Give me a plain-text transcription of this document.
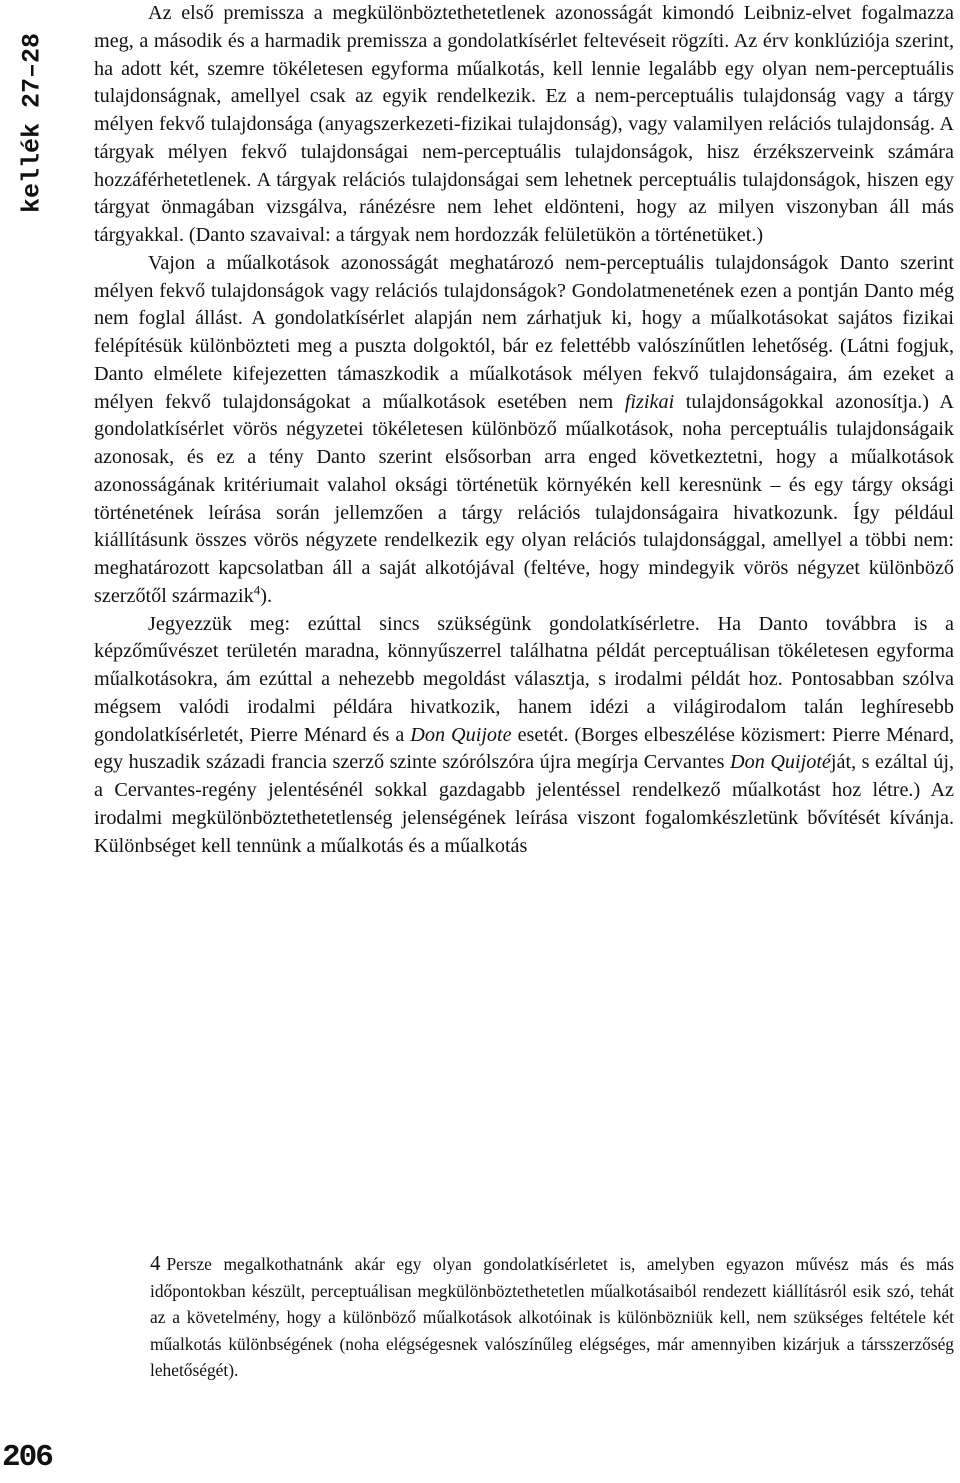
kellék 27–28

Az első premissza a megkülönböztethetetlenek azonosságát kimondó Leibniz-elvet fogalmazza meg, a második és a harmadik premissza a gondolatkísérlet feltevéseit rögzíti. Az érv konklúziója szerint, ha adott két, szemre tökéletesen egyforma műalkotás, kell lennie legalább egy olyan nem-perceptuális tulajdonságnak, amellyel csak az egyik rendelkezik. Ez a nem-perceptuális tulajdonság vagy a tárgy mélyen fekvő tulajdonsága (anyagszerkezeti-fizikai tulajdonság), vagy valamilyen relációs tulajdonság. A tárgyak mélyen fekvő tulajdonságai nem-perceptuális tulajdonságok, hisz érzékszerveink számára hozzáférhetetlenek. A tárgyak relációs tulajdonságai sem lehetnek perceptuális tulajdonságok, hiszen egy tárgyat önmagában vizsgálva, ránézésre nem lehet eldönteni, hogy az milyen viszonyban áll más tárgyakkal. (Danto szavaival: a tárgyak nem hordozzák felületükön a történetüket.)

Vajon a műalkotások azonosságát meghatározó nem-perceptuális tulajdonságok Danto szerint mélyen fekvő tulajdonságok vagy relációs tulajdonságok? Gondolatmenetének ezen a pontján Danto még nem foglal állást. A gondolatkísérlet alapján nem zárhatjuk ki, hogy a műalkotásokat sajátos fizikai felépítésük különbözteti meg a puszta dolgoktól, bár ez felettébb valószínűtlen lehetőség. (Látni fogjuk, Danto elmélete kifejezetten támaszkodik a műalkotások mélyen fekvő tulajdonságaira, ám ezeket a mélyen fekvő tulajdonságokat a műalkotások esetében nem fizikai tulajdonságokkal azonosítja.) A gondolatkísérlet vörös négyzetei tökéletesen különböző műalkotások, noha perceptuális tulajdonságaik azonosak, és ez a tény Danto szerint elsősorban arra enged következtetni, hogy a műalkotások azonosságának kritériumait valahol oksági történetük környékén kell keresnünk – és egy tárgy oksági történetének leírása során jellemzően a tárgy relációs tulajdonságaira hivatkozunk. Így például kiállításunk összes vörös négyzete rendelkezik egy olyan relációs tulajdonsággal, amellyel a többi nem: meghatározott kapcsolatban áll a saját alkotójával (feltéve, hogy mindegyik vörös négyzet különböző szerzőtől származik$^4$).

Jegyezzük meg: ezúttal sincs szükségünk gondolatkísérletre. Ha Danto továbbra is a képzőművészet területén maradna, könnyűszerrel találhatna példát perceptuálisan tökéletesen egyforma műalkotásokra, ám ezúttal a nehezebb megoldást választja, s irodalmi példát hoz. Pontosabban szólva mégsem valódi irodalmi példára hivatkozik, hanem idézi a világirodalom talán leghíresebb gondolatkísérletét, Pierre Ménard és a Don Quijote esetét. (Borges elbeszélése közismert: Pierre Ménard, egy huszadik századi francia szerző szinte szórólszóra újra megírja Cervantes Don Quijotéját, s ezáltal új, a Cervantes-regény jelentésénél sokkal gazdagabb jelentéssel rendelkező műalkotást hoz létre.) Az irodalmi megkülönböztethetetlenség jelenségének leírása viszont fogalomkészletünk bővítését kívánja. Különbséget kell tennünk a műalkotás és a műalkotás

4 Persze megalkothatnánk akár egy olyan gondolatkísérletet is, amelyben egyazon művész más és más időpontokban készült, perceptuálisan megkülönböztethetetlen műalkotásaiból rendezett kiállításról esik szó, tehát az a követelmény, hogy a különböző műalkotások alkotóinak is különbözniük kell, nem szükséges feltétele két műalkotás különbségének (noha elégségesnek valószínűleg elégséges, már amennyiben kizárjuk a társszerzőség lehetőségét).
206
